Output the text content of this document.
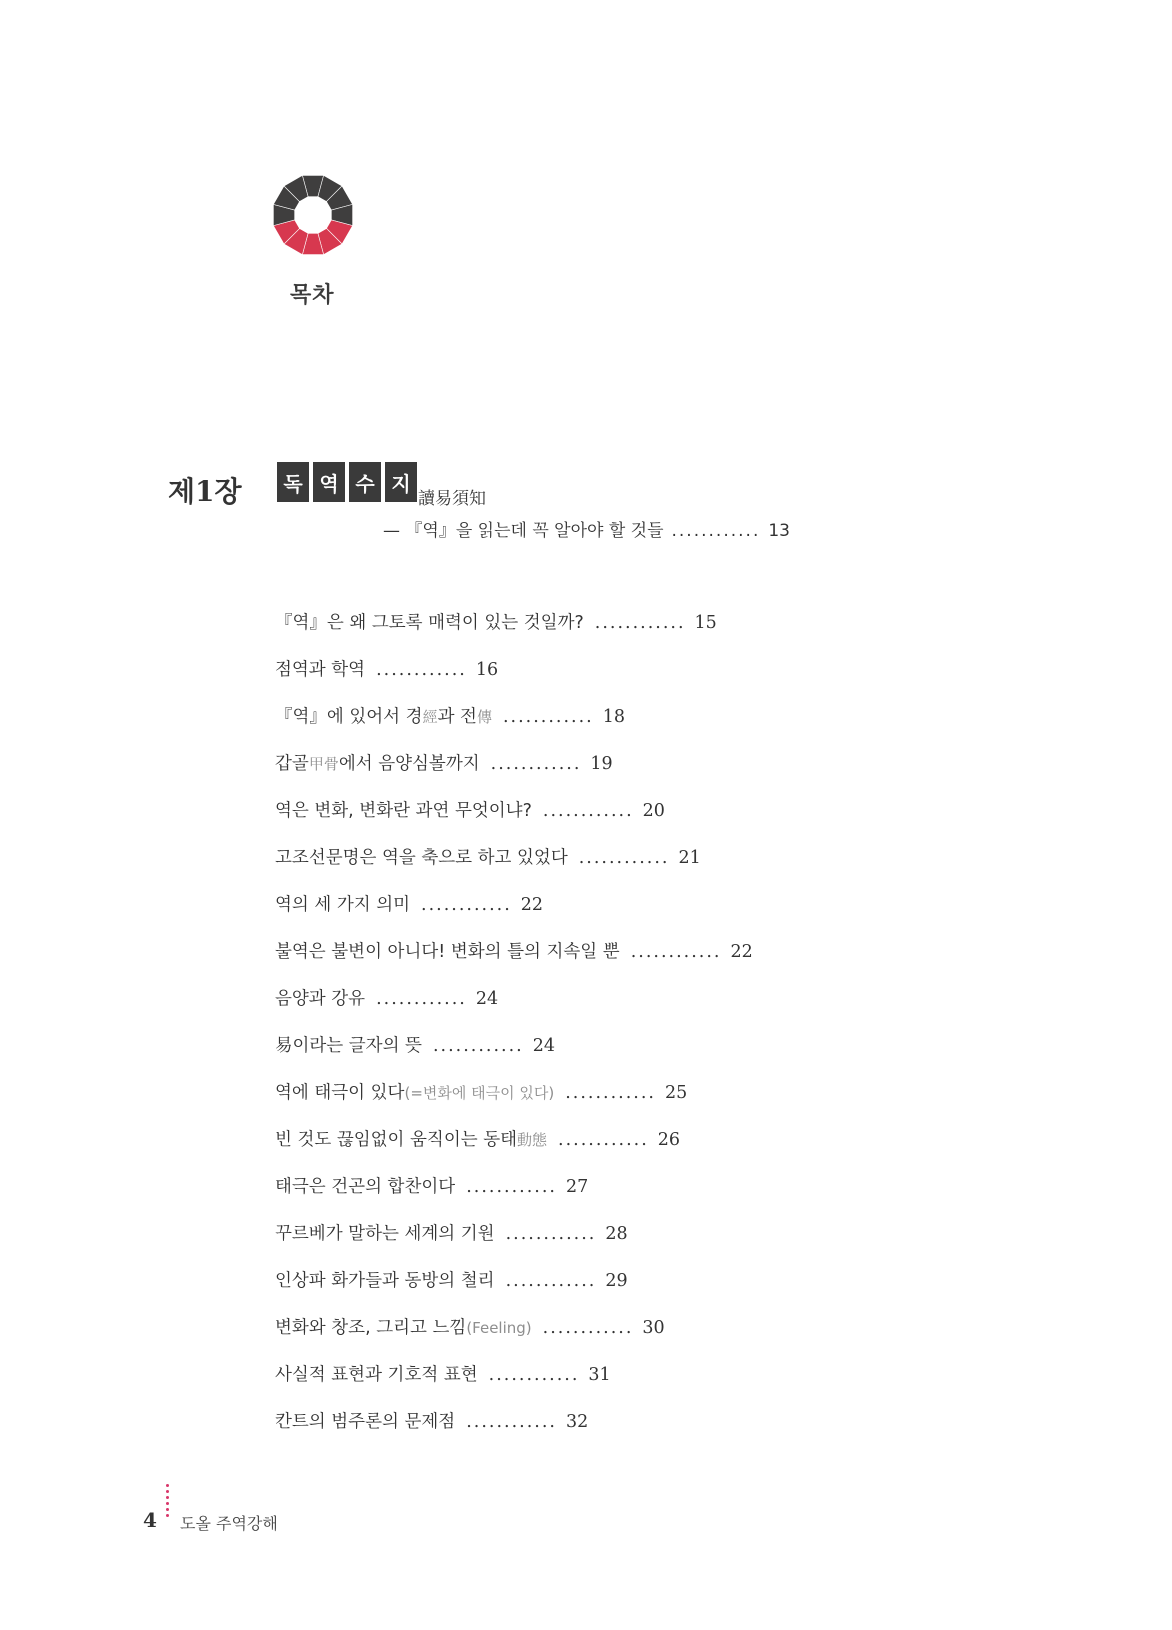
목차
제1장	독 역 수 지
讀易須知
— 『역』을 읽는데 꼭 알아야 할 것들 ............ 13
『역』은 왜 그토록 매력이 있는 것일까? ............ 15
점역과 학역 ............ 16
『역』에 있어서 경經과 전傳 ............ 18
갑골甲骨에서 음양심볼까지 ............ 19
역은 변화, 변화란 과연 무엇이냐? ............ 20
고조선문명은 역을 축으로 하고 있었다 ............ 21
역의 세 가지 의미 ............ 22
불역은 불변이 아니다! 변화의 틀의 지속일 뿐 ............ 22
음양과 강유 ............ 24
易이라는 글자의 뜻 ............ 24
역에 태극이 있다(=변화에 태극이 있다) ............ 25
빈 것도 끊임없이 움직이는 동태動態 ............ 26
태극은 건곤의 합찬이다 ............ 27
꾸르베가 말하는 세계의 기원 ............ 28
인상파 화가들과 동방의 철리 ............ 29
변화와 창조, 그리고 느낌(Feeling) ............ 30
사실적 표현과 기호적 표현 ............ 31
칸트의 범주론의 문제점 ............ 32
4 도올 주역강해
